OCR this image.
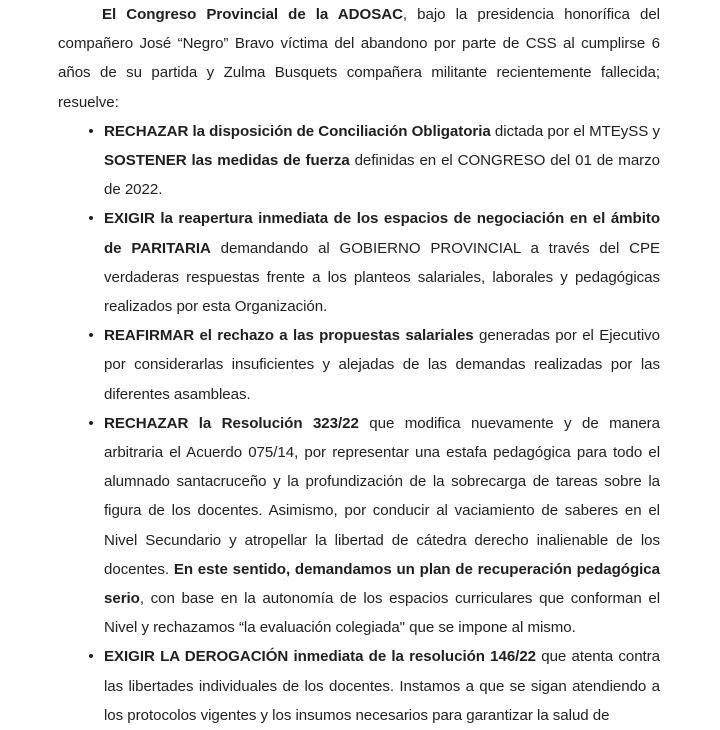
El Congreso Provincial de la ADOSAC, bajo la presidencia honorífica del compañero José “Negro” Bravo víctima del abandono por parte de CSS al cumplirse 6 años de su partida y Zulma Busquets compañera militante recientemente fallecida; resuelve:

• RECHAZAR la disposición de Conciliación Obligatoria dictada por el MTEySS y SOSTENER las medidas de fuerza definidas en el CONGRESO del 01 de marzo de 2022.
• EXIGIR la reapertura inmediata de los espacios de negociación en el ámbito de PARITARIA demandando al GOBIERNO PROVINCIAL a través del CPE verdaderas respuestas frente a los planteos salariales, laborales y pedagógicas realizados por esta Organización.
• REAFIRMAR el rechazo a las propuestas salariales generadas por el Ejecutivo por considerarlas insuficientes y alejadas de las demandas realizadas por las diferentes asambleas.
• RECHAZAR la Resolución 323/22 que modifica nuevamente y de manera arbitraria el Acuerdo 075/14, por representar una estafa pedagógica para todo el alumnado santacruceño y la profundización de la sobrecarga de tareas sobre la figura de los docentes. Asimismo, por conducir al vaciamiento de saberes en el Nivel Secundario y atropellar la libertad de cátedra derecho inalienable de los docentes. En este sentido, demandamos un plan de recuperación pedagógica serio, con base en la autonomía de los espacios curriculares que conforman el Nivel y rechazamos “la evaluación colegiada" que se impone al mismo.
• EXIGIR LA DEROGACIÓN inmediata de la resolución 146/22 que atenta contra las libertades individuales de los docentes. Instamos a que se sigan atendiendo a los protocolos vigentes y los insumos necesarios para garantizar la salud de
